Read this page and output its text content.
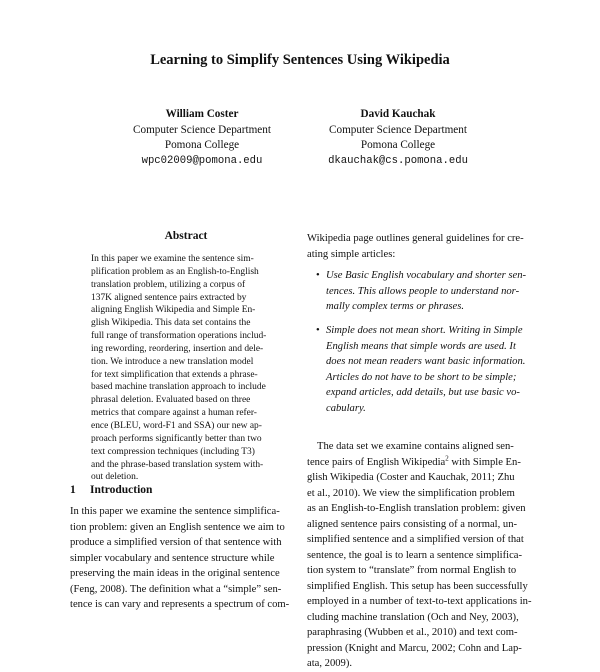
Learning to Simplify Sentences Using Wikipedia
William Coster
Computer Science Department
Pomona College
wpc02009@pomona.edu
David Kauchak
Computer Science Department
Pomona College
dkauchak@cs.pomona.edu
Abstract
In this paper we examine the sentence sim-
plification problem as an English-to-English
translation problem, utilizing a corpus of
137K aligned sentence pairs extracted by
aligning English Wikipedia and Simple En-
glish Wikipedia. This data set contains the
full range of transformation operations includ-
ing rewording, reordering, insertion and dele-
tion. We introduce a new translation model
for text simplification that extends a phrase-
based machine translation approach to include
phrasal deletion. Evaluated based on three
metrics that compare against a human refer-
ence (BLEU, word-F1 and SSA) our new ap-
proach performs significantly better than two
text compression techniques (including T3)
and the phrase-based translation system with-
out deletion.
1 Introduction
In this paper we examine the sentence simplifica-
tion problem: given an English sentence we aim to
produce a simplified version of that sentence with
simpler vocabulary and sentence structure while
preserving the main ideas in the original sentence
(Feng, 2008). The definition what a “simple” sen-
tence is can vary and represents a spectrum of com-
Wikipedia page outlines general guidelines for cre-
ating simple articles:
• Use Basic English vocabulary and shorter sen-
tences. This allows people to understand nor-
mally complex terms or phrases.
• Simple does not mean short. Writing in Simple
English means that simple words are used. It
does not mean readers want basic information.
Articles do not have to be short to be simple;
expand articles, add details, but use basic vo-
cabulary.
The data set we examine contains aligned sen-
tence pairs of English Wikipedia$^2$ with Simple En-
glish Wikipedia (Coster and Kauchak, 2011; Zhu
et al., 2010). We view the simplification problem
as an English-to-English translation problem: given
aligned sentence pairs consisting of a normal, un-
simplified sentence and a simplified version of that
sentence, the goal is to learn a sentence simplifica-
tion system to “translate” from normal English to
simplified English. This setup has been successfully
employed in a number of text-to-text applications in-
cluding machine translation (Och and Ney, 2003),
paraphrasing (Wubben et al., 2010) and text com-
pression (Knight and Marcu, 2002; Cohn and Lap-
ata, 2009).
